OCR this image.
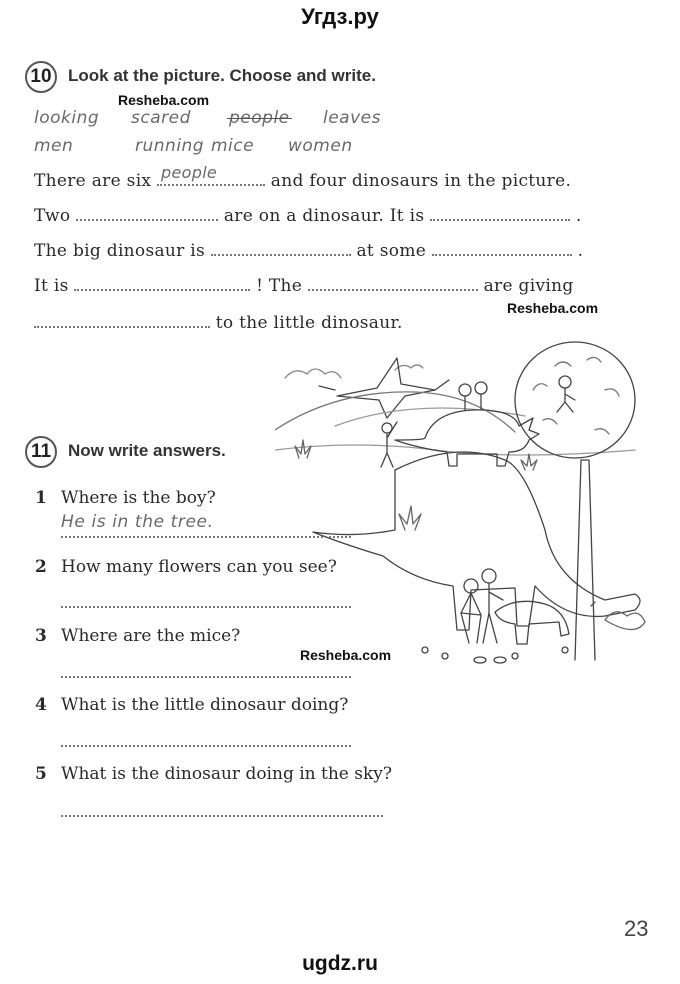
Угдз.ру
10 Look at the picture. Choose and write.
Resheba.com
looking scared people leaves
men	running mice women
There are six people	and four dinosaurs in the picture.
Two	are on a dinosaur. It is	.
The big dinosaur is	at some	.
It is	! The	are giving
Resheba.com
to the little dinosaur.
11 Now write answers.
1 Where is the boy?
He is in the tree.
2 How many flowers can you see?
3 Where are the mice?
Resheba.com
4 What is the little dinosaur doing?
5 What is the dinosaur doing in the sky?
23
ugdz.ru
